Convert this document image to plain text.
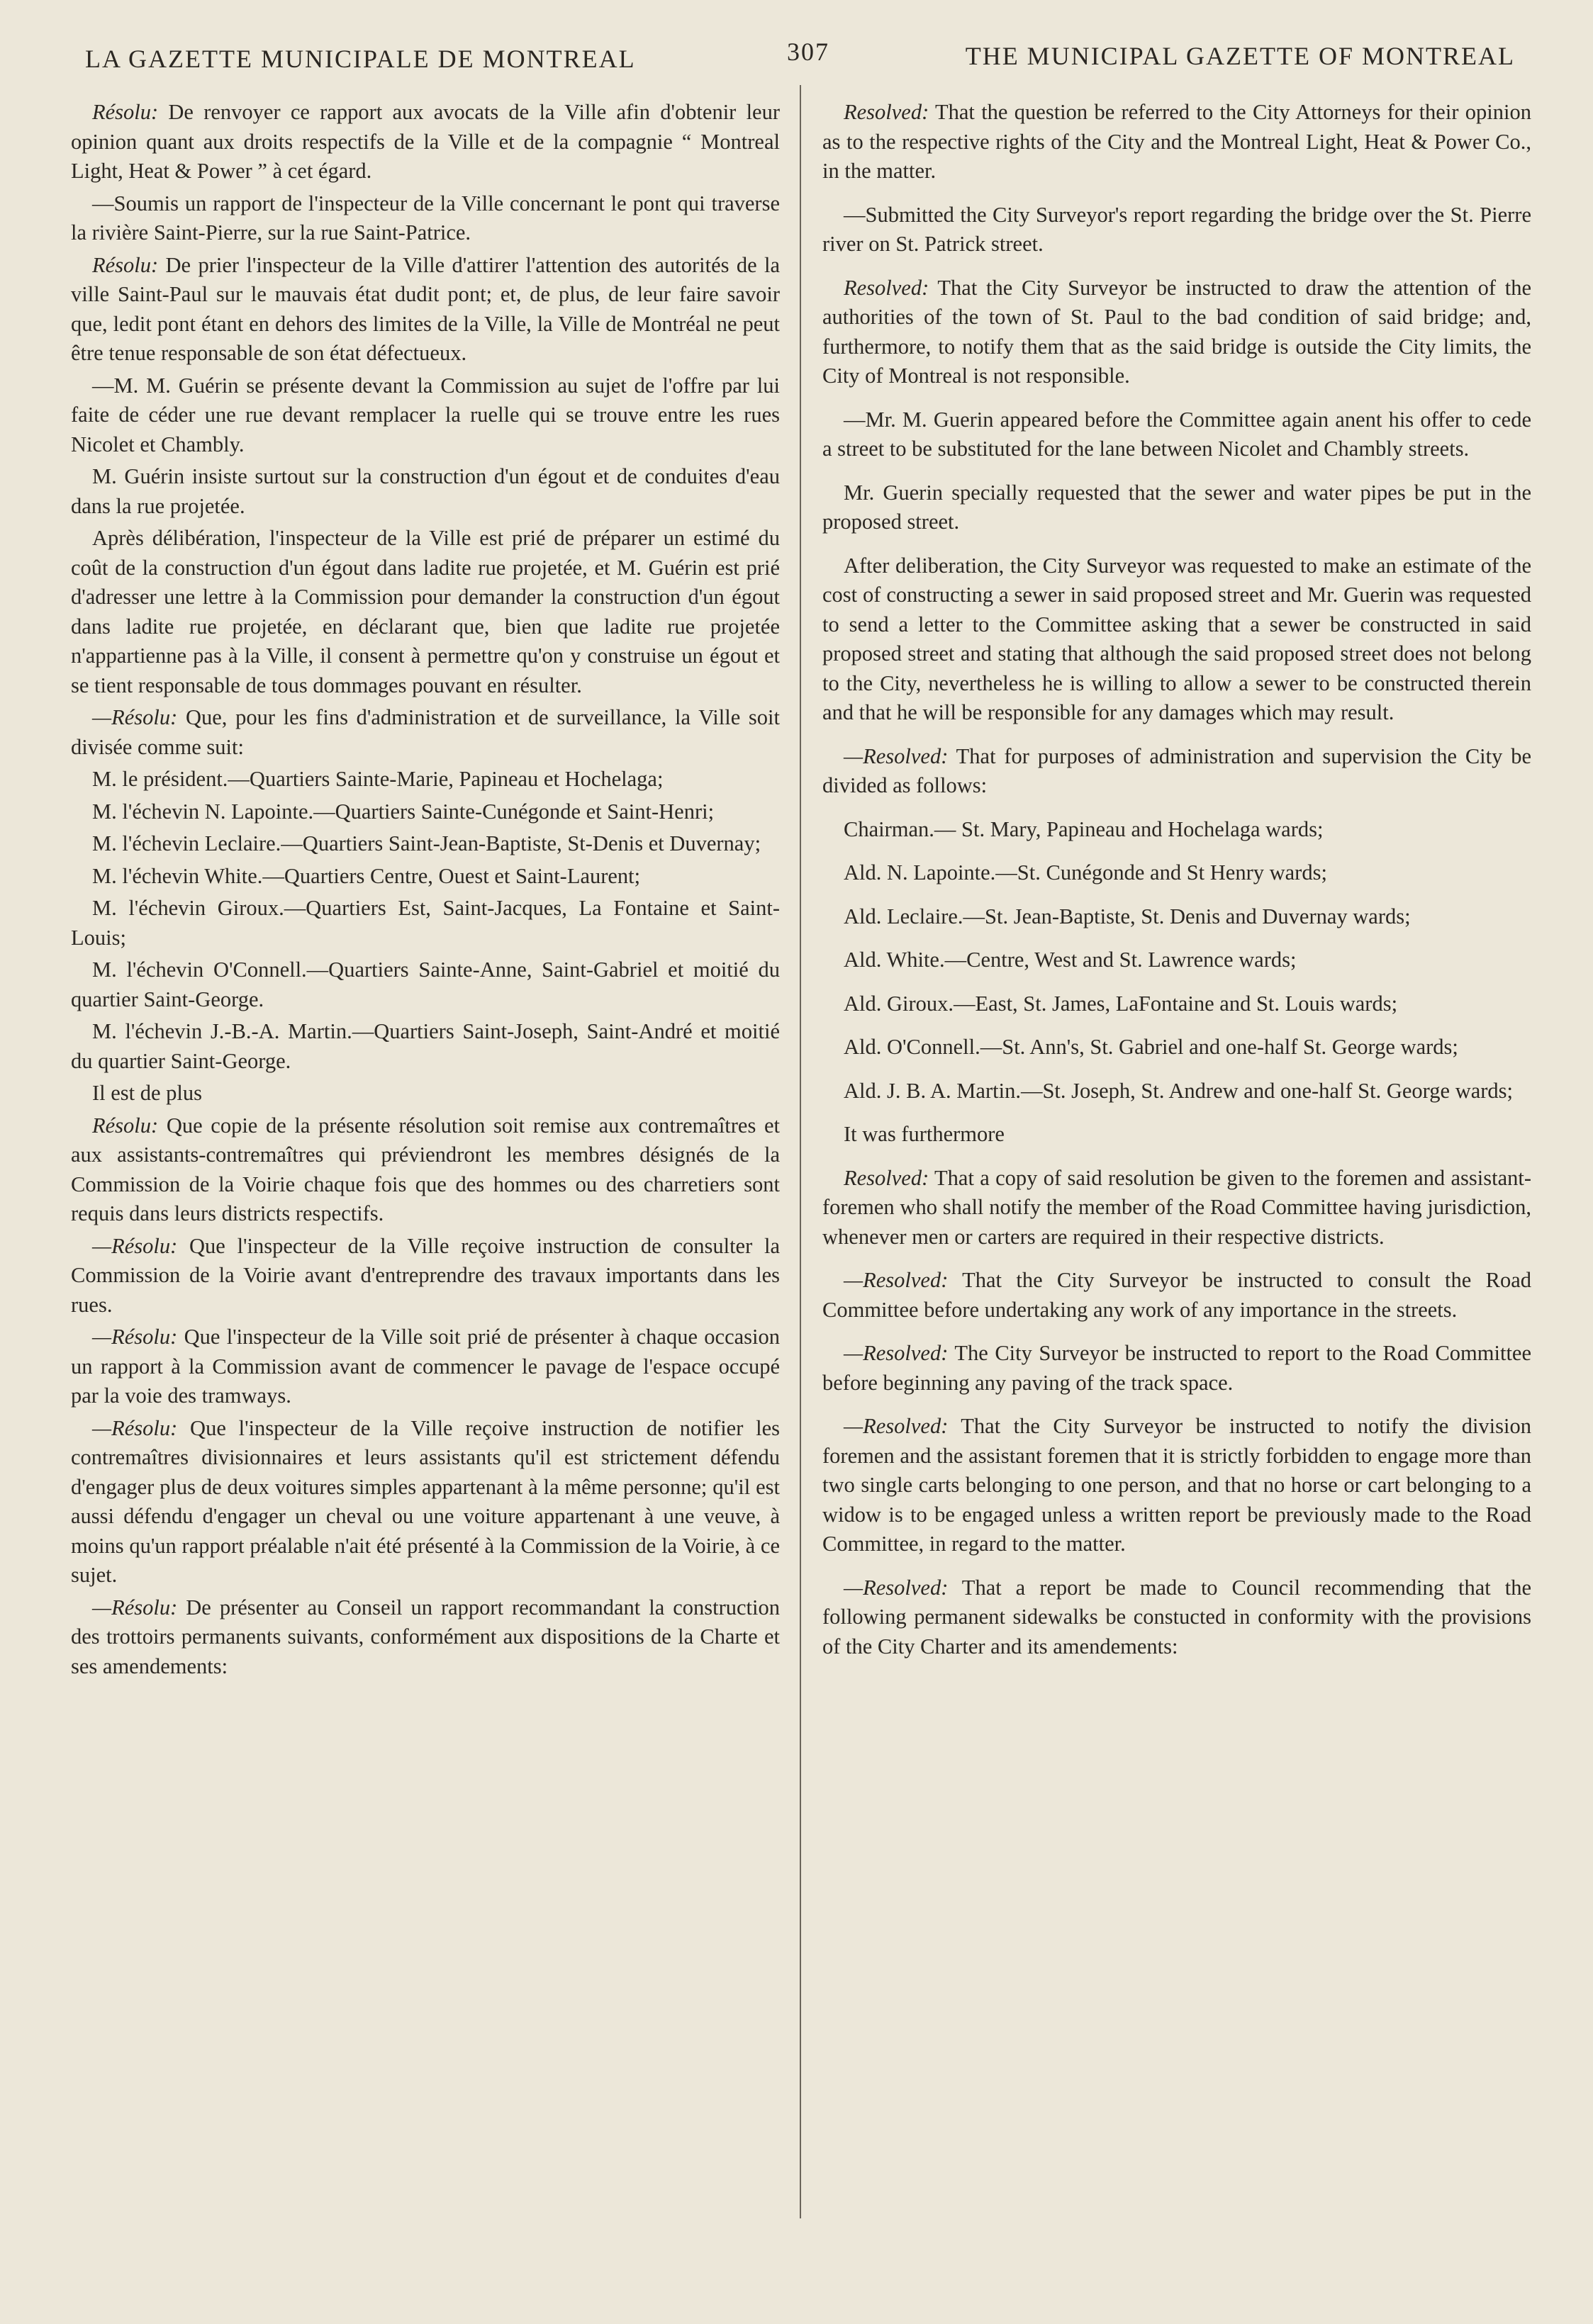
LA GAZETTE MUNICIPALE DE MONTREAL	307	THE MUNICIPAL GAZETTE OF MONTREAL

Résolu: De renvoyer ce rapport aux avocats de la Ville afin d'obtenir leur opinion quant aux droits respectifs de la Ville et de la compagnie “ Montreal Light, Heat & Power ” à cet égard.

—Soumis un rapport de l'inspecteur de la Ville concernant le pont qui traverse la rivière Saint-Pierre, sur la rue Saint-Patrice.

Résolu: De prier l'inspecteur de la Ville d'attirer l'attention des autorités de la ville Saint-Paul sur le mauvais état dudit pont; et, de plus, de leur faire savoir que, ledit pont étant en dehors des limites de la Ville, la Ville de Montréal ne peut être tenue responsable de son état défectueux.

—M. M. Guérin se présente devant la Commission au sujet de l'offre par lui faite de céder une rue devant remplacer la ruelle qui se trouve entre les rues Nicolet et Chambly.

M. Guérin insiste surtout sur la construction d'un égout et de conduites d'eau dans la rue projetée.

Après délibération, l'inspecteur de la Ville est prié de préparer un estimé du coût de la construction d'un égout dans ladite rue projetée, et M. Guérin est prié d'adresser une lettre à la Commission pour demander la construction d'un égout dans ladite rue projetée, en déclarant que, bien que ladite rue projetée n'appartienne pas à la Ville, il consent à permettre qu'on y construise un égout et se tient responsable de tous dommages pouvant en résulter.

—Résolu: Que, pour les fins d'administration et de surveillance, la Ville soit divisée comme suit:

M. le président.—Quartiers Sainte-Marie, Papineau et Hochelaga;

M. l'échevin N. Lapointe.—Quartiers Sainte-Cunégonde et Saint-Henri;

M. l'échevin Leclaire.—Quartiers Saint-Jean-Baptiste, St-Denis et Duvernay;

M. l'échevin White.—Quartiers Centre, Ouest et Saint-Laurent;

M. l'échevin Giroux.—Quartiers Est, Saint-Jacques, La Fontaine et Saint-Louis;

M. l'échevin O'Connell.—Quartiers Sainte-Anne, Saint-Gabriel et moitié du quartier Saint-George.

M. l'échevin J.-B.-A. Martin.—Quartiers Saint-Joseph, Saint-André et moitié du quartier Saint-George.

Il est de plus

Résolu: Que copie de la présente résolution soit remise aux contremaîtres et aux assistants-contremaîtres qui préviendront les membres désignés de la Commission de la Voirie chaque fois que des hommes ou des charretiers sont requis dans leurs districts respectifs.

—Résolu: Que l'inspecteur de la Ville reçoive instruction de consulter la Commission de la Voirie avant d'entreprendre des travaux importants dans les rues.

—Résolu: Que l'inspecteur de la Ville soit prié de présenter à chaque occasion un rapport à la Commission avant de commencer le pavage de l'espace occupé par la voie des tramways.

—Résolu: Que l'inspecteur de la Ville reçoive instruction de notifier les contremaîtres divisionnaires et leurs assistants qu'il est strictement défendu d'engager plus de deux voitures simples appartenant à la même personne; qu'il est aussi défendu d'engager un cheval ou une voiture appartenant à une veuve, à moins qu'un rapport préalable n'ait été présenté à la Commission de la Voirie, à ce sujet.

—Résolu: De présenter au Conseil un rapport recommandant la construction des trottoirs permanents suivants, conformément aux dispositions de la Charte et ses amendements:

Resolved: That the question be referred to the City Attorneys for their opinion as to the respective rights of the City and the Montreal Light, Heat & Power Co., in the matter.

—Submitted the City Surveyor's report regarding the bridge over the St. Pierre river on St. Patrick street.

Resolved: That the City Surveyor be instructed to draw the attention of the authorities of the town of St. Paul to the bad condition of said bridge; and, furthermore, to notify them that as the said bridge is outside the City limits, the City of Montreal is not responsible.

—Mr. M. Guerin appeared before the Committee again anent his offer to cede a street to be substituted for the lane between Nicolet and Chambly streets.

Mr. Guerin specially requested that the sewer and water pipes be put in the proposed street.

After deliberation, the City Surveyor was requested to make an estimate of the cost of constructing a sewer in said proposed street and Mr. Guerin was requested to send a letter to the Committee asking that a sewer be constructed in said proposed street and stating that although the said proposed street does not belong to the City, nevertheless he is willing to allow a sewer to be constructed therein and that he will be responsible for any damages which may result.

—Resolved: That for purposes of administration and supervision the City be divided as follows:

Chairman.— St. Mary, Papineau and Hochelaga wards;

Ald. N. Lapointe.—St. Cunégonde and St Henry wards;

Ald. Leclaire.—St. Jean-Baptiste, St. Denis and Duvernay wards;

Ald. White.—Centre, West and St. Lawrence wards;

Ald. Giroux.—East, St. James, LaFontaine and St. Louis wards;

Ald. O'Connell.—St. Ann's, St. Gabriel and one-half St. George wards;

Ald. J. B. A. Martin.—St. Joseph, St. Andrew and one-half St. George wards;

It was furthermore

Resolved: That a copy of said resolution be given to the foremen and assistant-foremen who shall notify the member of the Road Committee having jurisdiction, whenever men or carters are required in their respective districts.

—Resolved: That the City Surveyor be instructed to consult the Road Committee before undertaking any work of any importance in the streets.

—Resolved: The City Surveyor be instructed to report to the Road Committee before beginning any paving of the track space.

—Resolved: That the City Surveyor be instructed to notify the division foremen and the assistant foremen that it is strictly forbidden to engage more than two single carts belonging to one person, and that no horse or cart belonging to a widow is to be engaged unless a written report be previously made to the Road Committee, in regard to the matter.

—Resolved: That a report be made to Council recommending that the following permanent sidewalks be constucted in conformity with the provisions of the City Charter and its amendements:
